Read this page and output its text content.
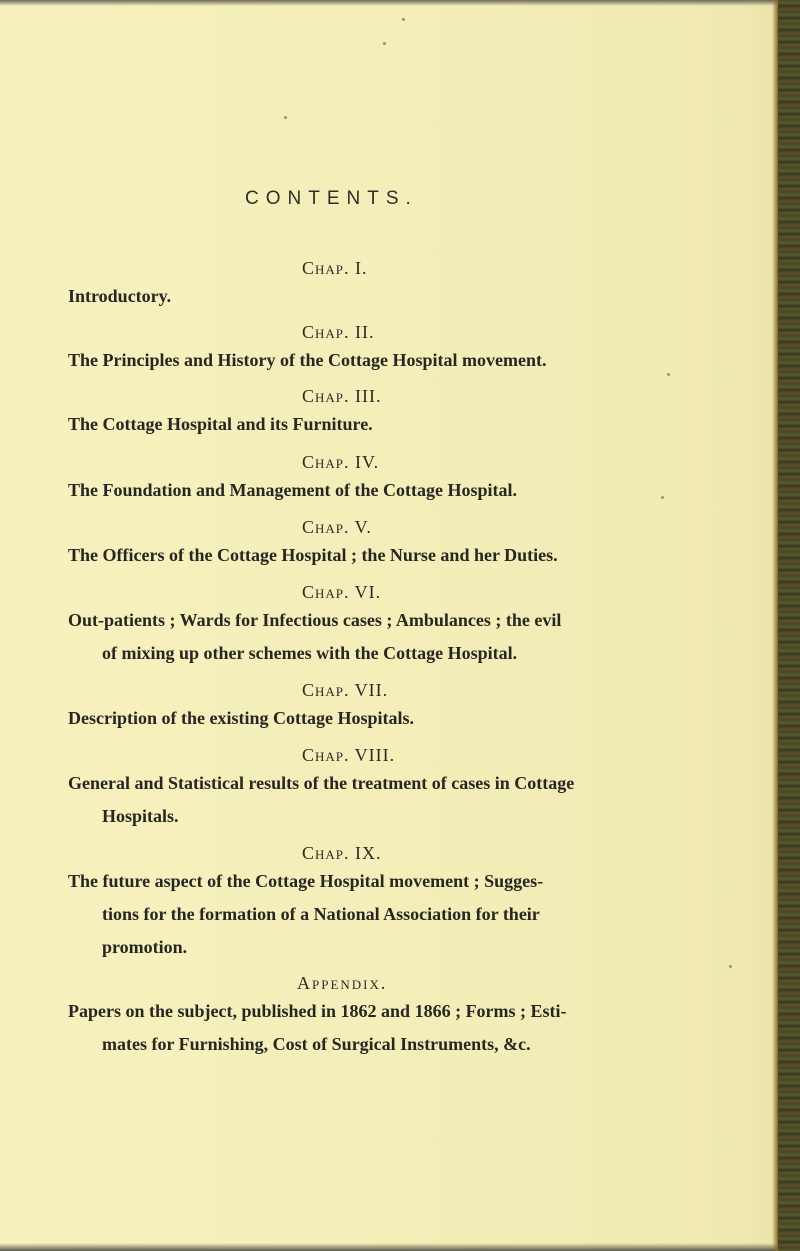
CONTENTS.
Chap. I.
Introductory.
Chap. II.
The Principles and History of the Cottage Hospital movement.
Chap. III.
The Cottage Hospital and its Furniture.
Chap. IV.
The Foundation and Management of the Cottage Hospital.
Chap. V.
The Officers of the Cottage Hospital ; the Nurse and her Duties.
Chap. VI.
Out-patients ; Wards for Infectious cases ; Ambulances ; the evil
of mixing up other schemes with the Cottage Hospital.
Chap. VII.
Description of the existing Cottage Hospitals.
Chap. VIII.
General and Statistical results of the treatment of cases in Cottage
Hospitals.
Chap. IX.
The future aspect of the Cottage Hospital movement ; Sugges-
tions for the formation of a National Association for their
promotion.
Appendix.
Papers on the subject, published in 1862 and 1866 ; Forms ; Esti-
mates for Furnishing, Cost of Surgical Instruments, &c.
